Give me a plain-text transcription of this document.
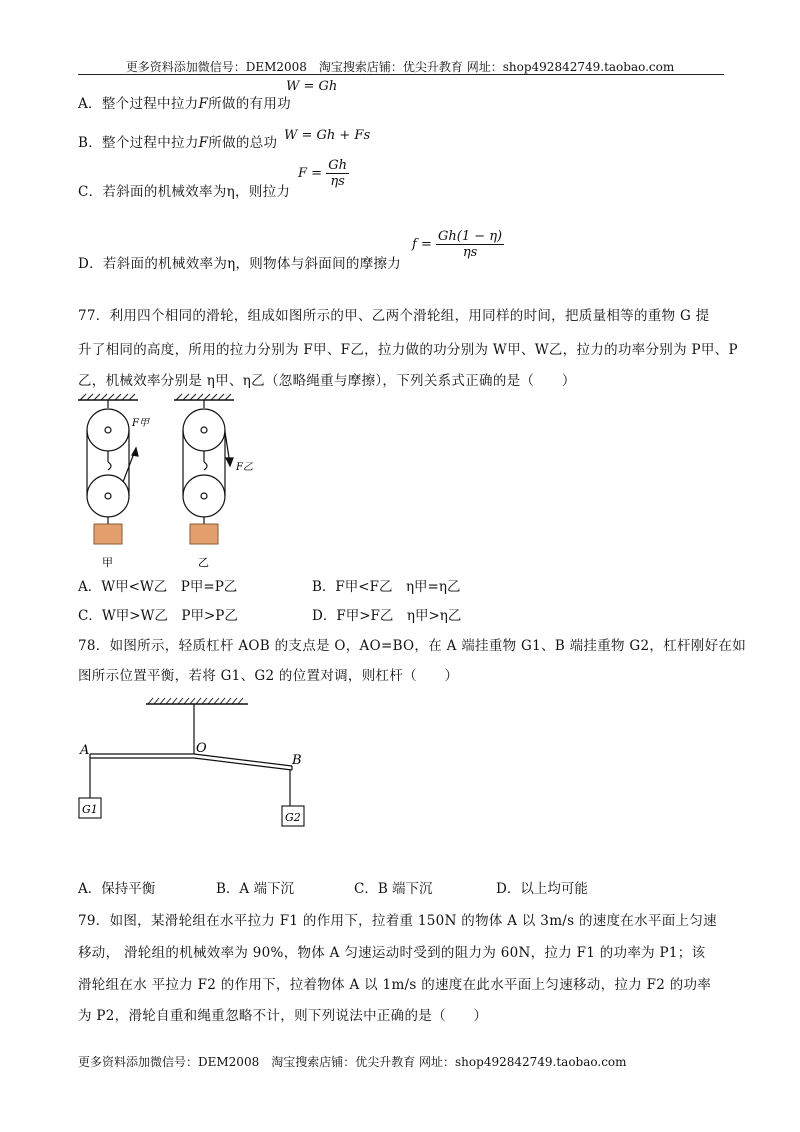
更多资料添加微信号：DEM2008　淘宝搜索店铺：优尖升教育 网址：shop492842749.taobao.com
更多资料添加微信号：DEM2008　淘宝搜索店铺：优尖升教育 网址：shop492842749.taobao.com
A．整个过程中拉力F所做的有用功
W = Gh
B．整个过程中拉力F所做的总功 W = Gh + Fs
C．若斜面的机械效率为η，则拉力
$F = \frac{Gh}{\eta s}$
D．若斜面的机械效率为η，则物体与斜面间的摩擦力
$f = \frac{Gh(1 - \eta)}{\eta s}$
77．利用四个相同的滑轮，组成如图所示的甲、乙两个滑轮组，用同样的时间，把质量相等的重物 G 提
升了相同的高度，所用的拉力分别为 F甲、F乙，拉力做的功分别为 W甲、W乙，拉力的功率分别为 P甲、P
乙，机械效率分别是 η甲、η乙（忽略绳重与摩擦），下列关系式正确的是（　　）
F甲
甲
F乙
乙
A．W甲<W乙　P甲=P乙	B．F甲<F乙　η甲=η乙
C．W甲>W乙　P甲>P乙	D．F甲>F乙　η甲>η乙
78．如图所示，轻质杠杆 AOB 的支点是 O，AO=BO，在 A 端挂重物 G1、B 端挂重物 G2，杠杆刚好在如
图所示位置平衡，若将 G1、G2 的位置对调，则杠杆（　　）
A	O
B
G1
G2
A．保持平衡	B．A 端下沉	C．B 端下沉	D．以上均可能
79．如图，某滑轮组在水平拉力 F1 的作用下，拉着重 150N 的物体 A 以 3m/s 的速度在水平面上匀速
移动， 滑轮组的机械效率为 90%，物体 A 匀速运动时受到的阻力为 60N，拉力 F1 的功率为 P1；该
滑轮组在水 平拉力 F2 的作用下，拉着物体 A 以 1m/s 的速度在此水平面上匀速移动，拉力 F2 的功率
为 P2，滑轮自重和绳重忽略不计，则下列说法中正确的是（　　）
